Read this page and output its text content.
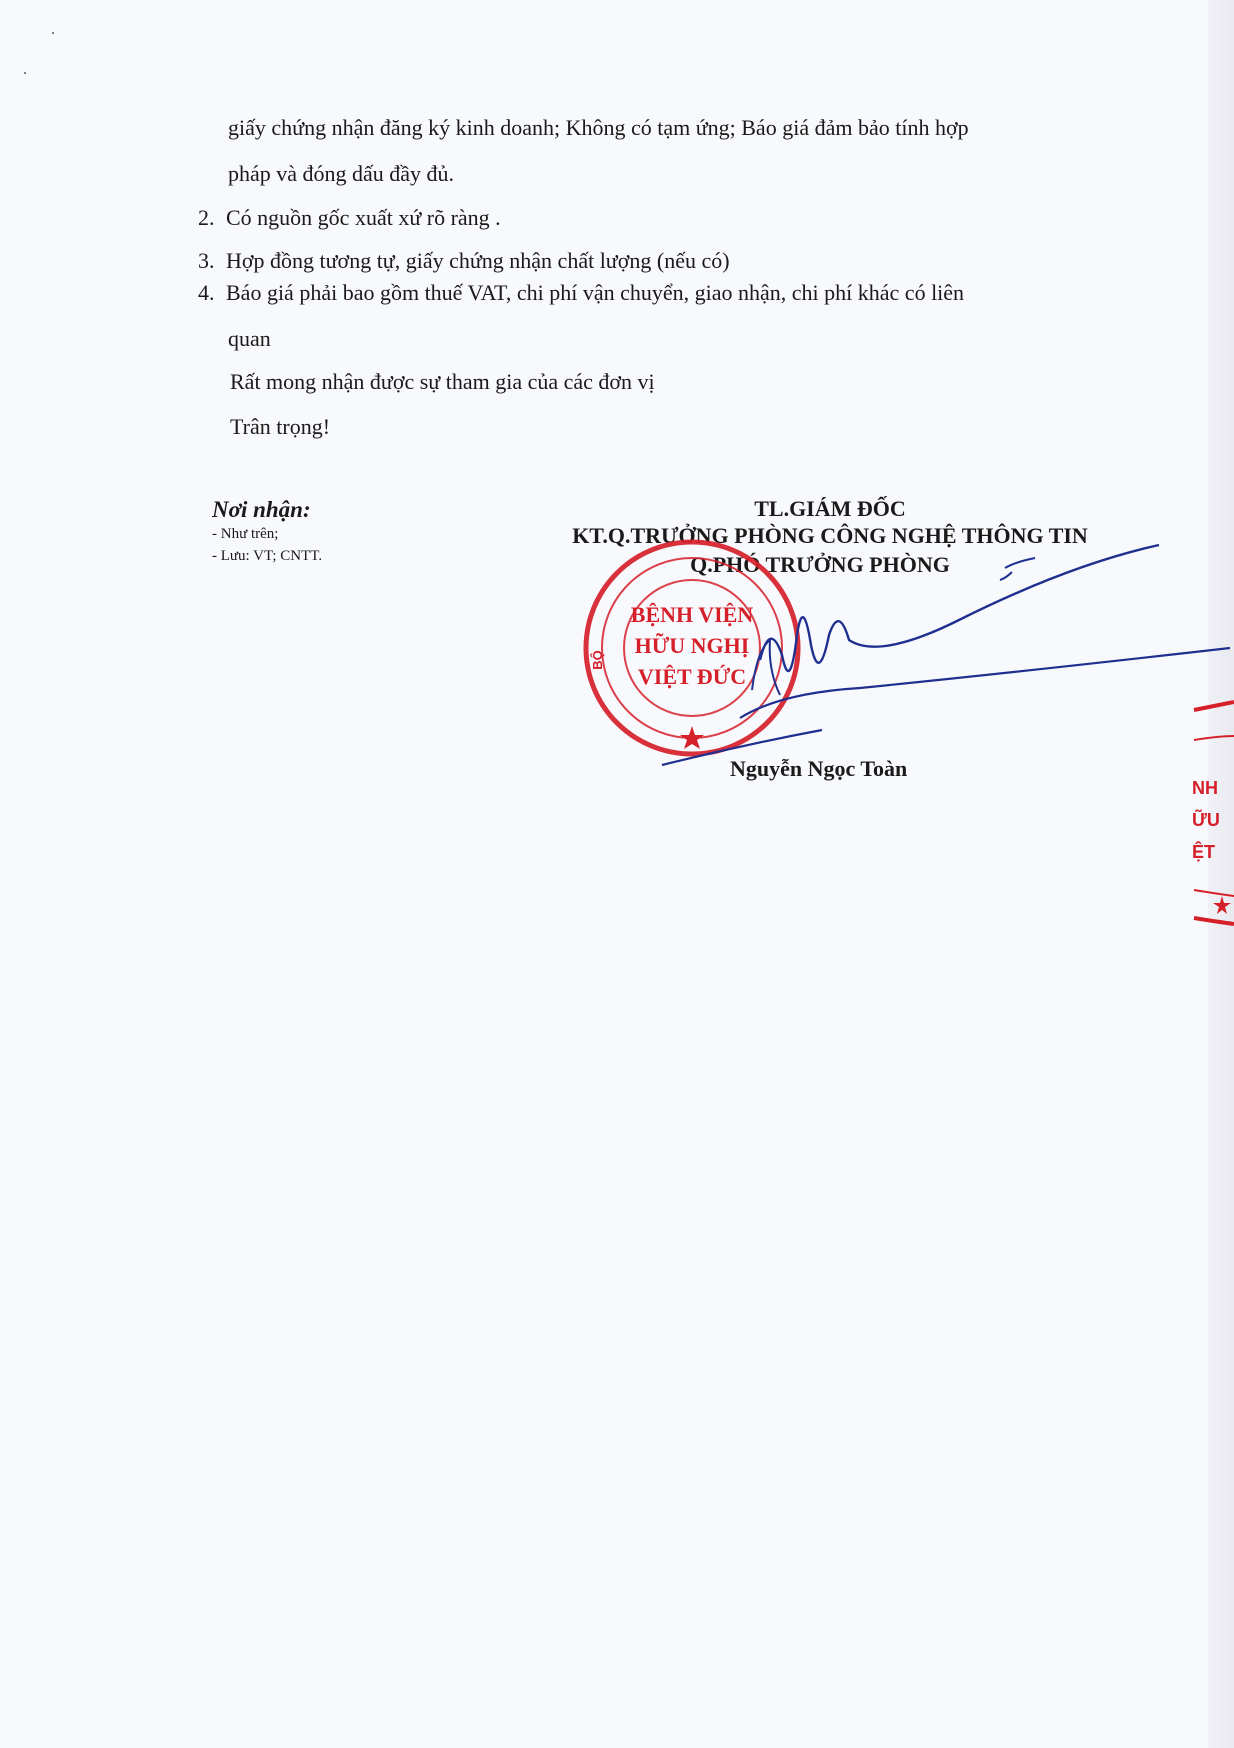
giấy chứng nhận đăng ký kinh doanh; Không có tạm ứng; Báo giá đảm bảo tính hợp
pháp và đóng dấu đầy đủ.
2. Có nguồn gốc xuất xứ rõ ràng .
3. Hợp đồng tương tự, giấy chứng nhận chất lượng (nếu có)
4. Báo giá phải bao gồm thuế VAT, chi phí vận chuyển, giao nhận, chi phí khác có liên
quan
Rất mong nhận được sự tham gia của các đơn vị
Trân trọng!
Nơi nhận:
- Như trên;
- Lưu: VT; CNTT.
TL.GIÁM ĐỐC
KT.Q.TRƯỞNG PHÒNG CÔNG NGHỆ THÔNG TIN
Q.PHÓ TRƯỞNG PHÒNG
BỆNH VIỆN
HỮU NGHỊ
VIỆT ĐỨC
BỘ
Nguyễn Ngọc Toàn
NH
ỮU
ỆT
